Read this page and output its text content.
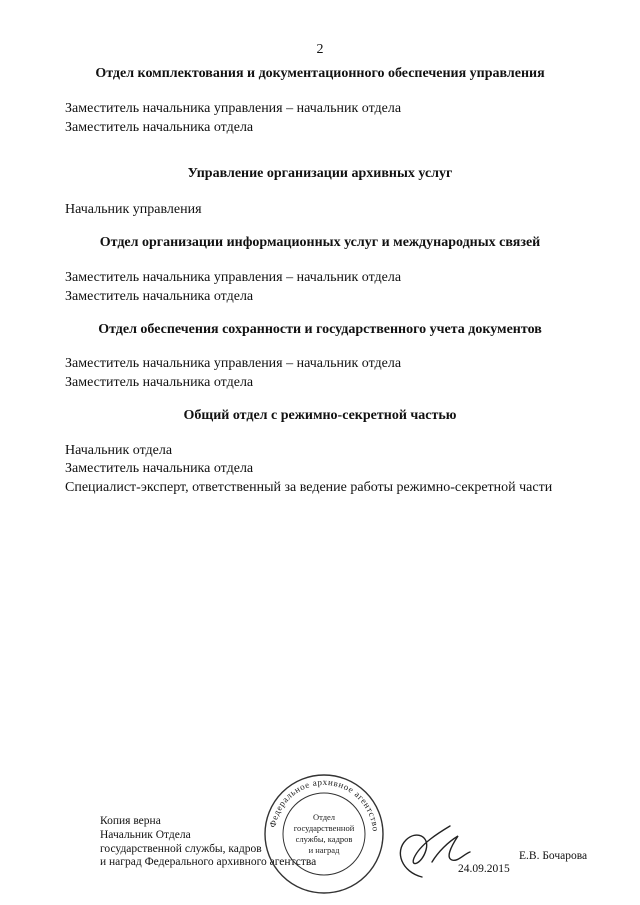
2
Отдел комплектования и документационного обеспечения управления
Заместитель начальника управления – начальник отдела
Заместитель начальника отдела
Управление организации архивных услуг
Начальник управления
Отдел организации информационных услуг и международных связей
Заместитель начальника управления – начальник отдела
Заместитель начальника отдела
Отдел обеспечения сохранности и государственного учета документов
Заместитель начальника управления – начальник отдела
Заместитель начальника отдела
Общий отдел с режимно-секретной частью
Начальник отдела
Заместитель начальника отдела
Специалист-эксперт, ответственный за ведение работы режимно-секретной части
Копия верна
Начальник Отдела
государственной службы, кадров
и наград Федерального архивного агентства
Федеральное архивное агентство
Отдел
государственной
службы, кадров
и наград
24.09.2015
Е.В. Бочарова
